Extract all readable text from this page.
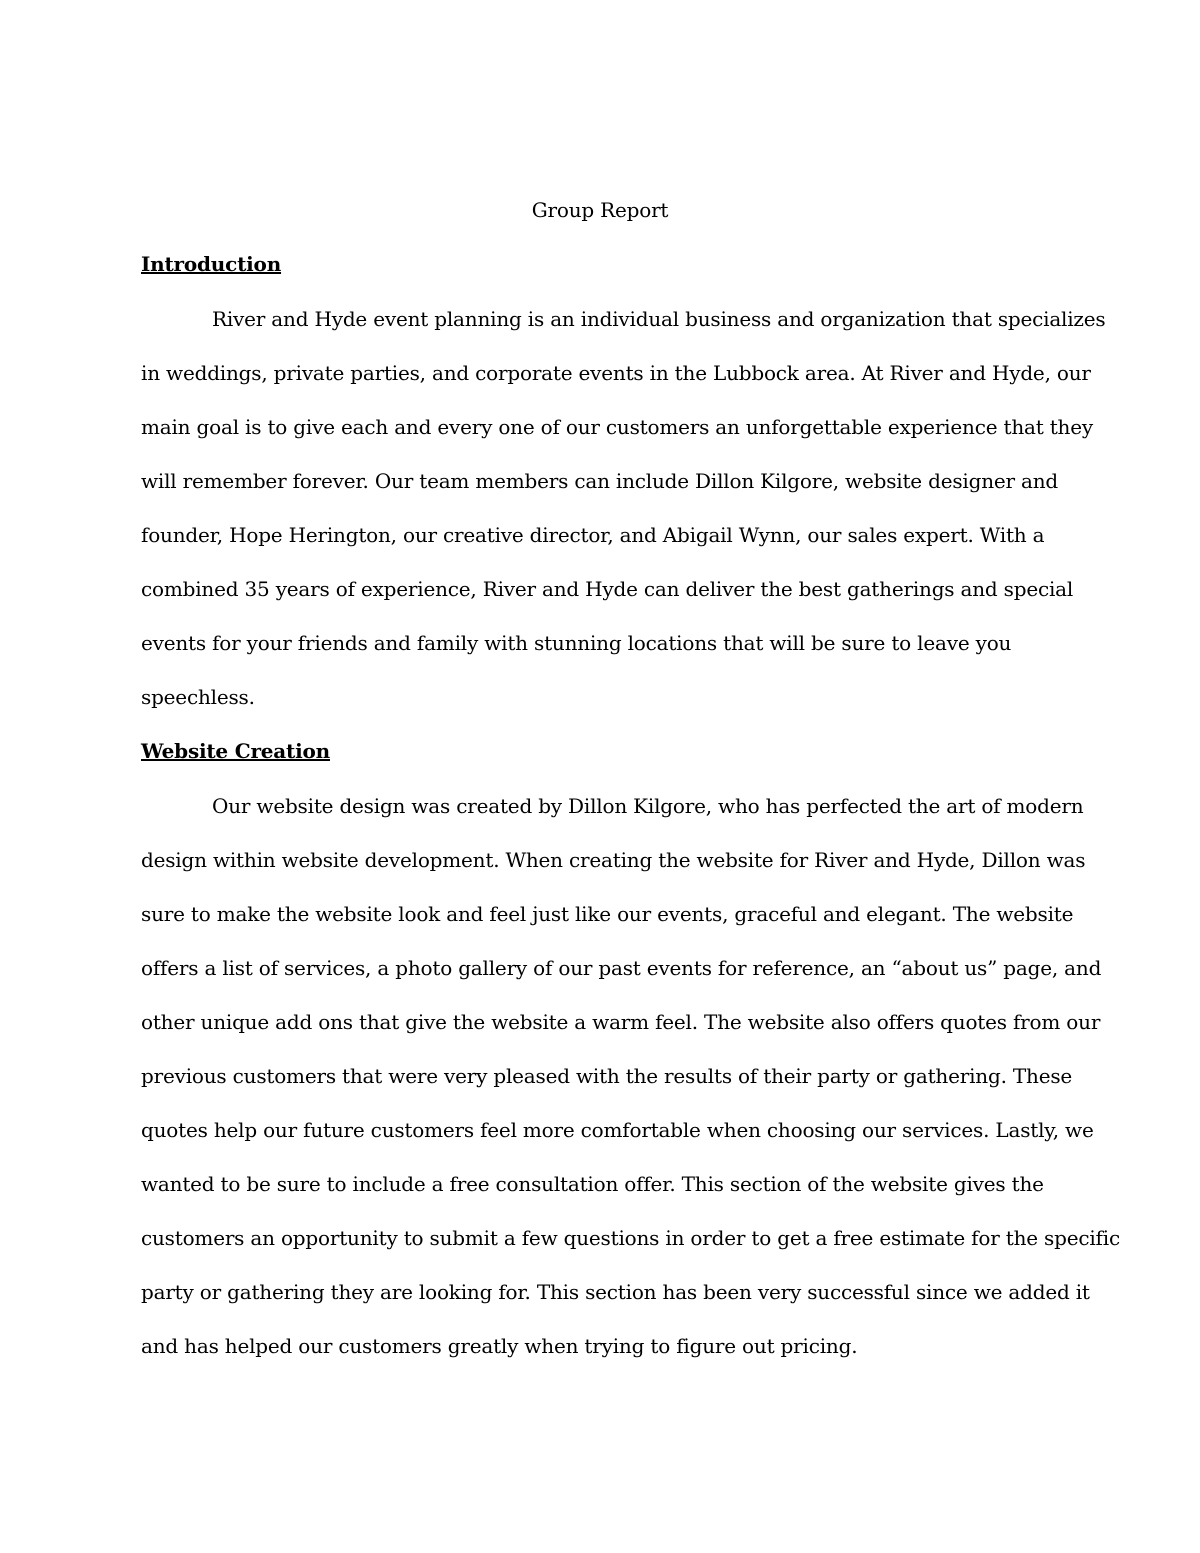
Group Report
Introduction
River and Hyde event planning is an individual business and organization that specializes
in weddings, private parties, and corporate events in the Lubbock area. At River and Hyde, our
main goal is to give each and every one of our customers an unforgettable experience that they
will remember forever. Our team members can include Dillon Kilgore, website designer and
founder, Hope Herington, our creative director, and Abigail Wynn, our sales expert. With a
combined 35 years of experience, River and Hyde can deliver the best gatherings and special
events for your friends and family with stunning locations that will be sure to leave you
speechless.
Website Creation
Our website design was created by Dillon Kilgore, who has perfected the art of modern
design within website development. When creating the website for River and Hyde, Dillon was
sure to make the website look and feel just like our events, graceful and elegant. The website
offers a list of services, a photo gallery of our past events for reference, an “about us” page, and
other unique add ons that give the website a warm feel. The website also offers quotes from our
previous customers that were very pleased with the results of their party or gathering. These
quotes help our future customers feel more comfortable when choosing our services. Lastly, we
wanted to be sure to include a free consultation offer. This section of the website gives the
customers an opportunity to submit a few questions in order to get a free estimate for the specific
party or gathering they are looking for. This section has been very successful since we added it
and has helped our customers greatly when trying to figure out pricing.
